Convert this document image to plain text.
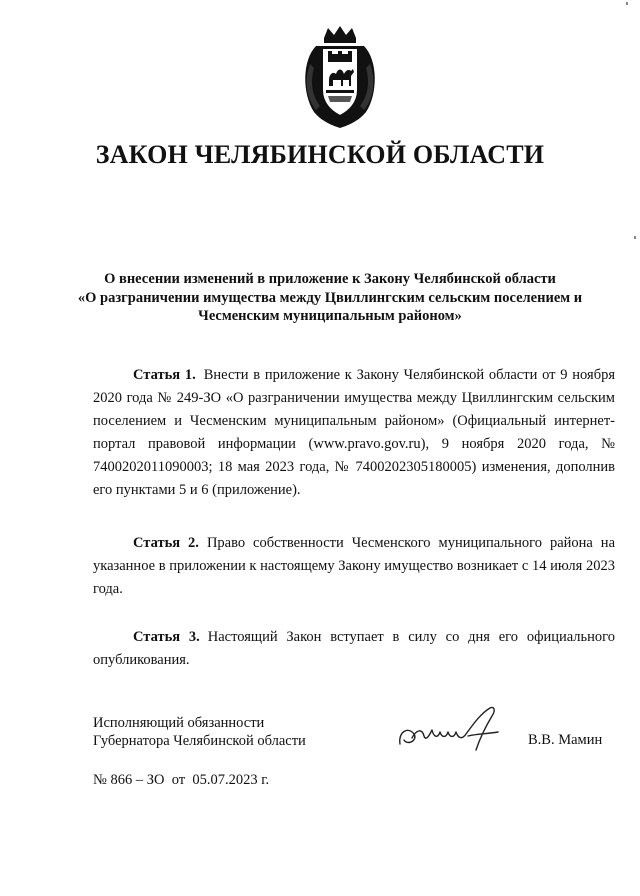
ЗАКОН ЧЕЛЯБИНСКОЙ ОБЛАСТИ
О внесении изменений в приложение к Закону Челябинской области
«О разграничении имущества между Цвиллингским сельским поселением и
Чесменским муниципальным районом»
Статья 1. Внести в приложение к Закону Челябинской области от 9 ноября 2020 года № 249-ЗО «О разграничении имущества между Цвиллингским сельским поселением и Чесменским муниципальным районом» (Официальный интернет-портал правовой информации (www.pravo.gov.ru), 9 ноября 2020 года, № 7400202011090003; 18 мая 2023 года, № 7400202305180005) изменения, дополнив его пунктами 5 и 6 (приложение).
Статья 2. Право собственности Чесменского муниципального района на указанное в приложении к настоящему Закону имущество возникает с 14 июля 2023 года.
Статья 3. Настоящий Закон вступает в силу со дня его официального опубликования.
Исполняющий обязанности
Губернатора Челябинской области	В.В. Мамин
№ 866 – ЗО  от  05.07.2023 г.
